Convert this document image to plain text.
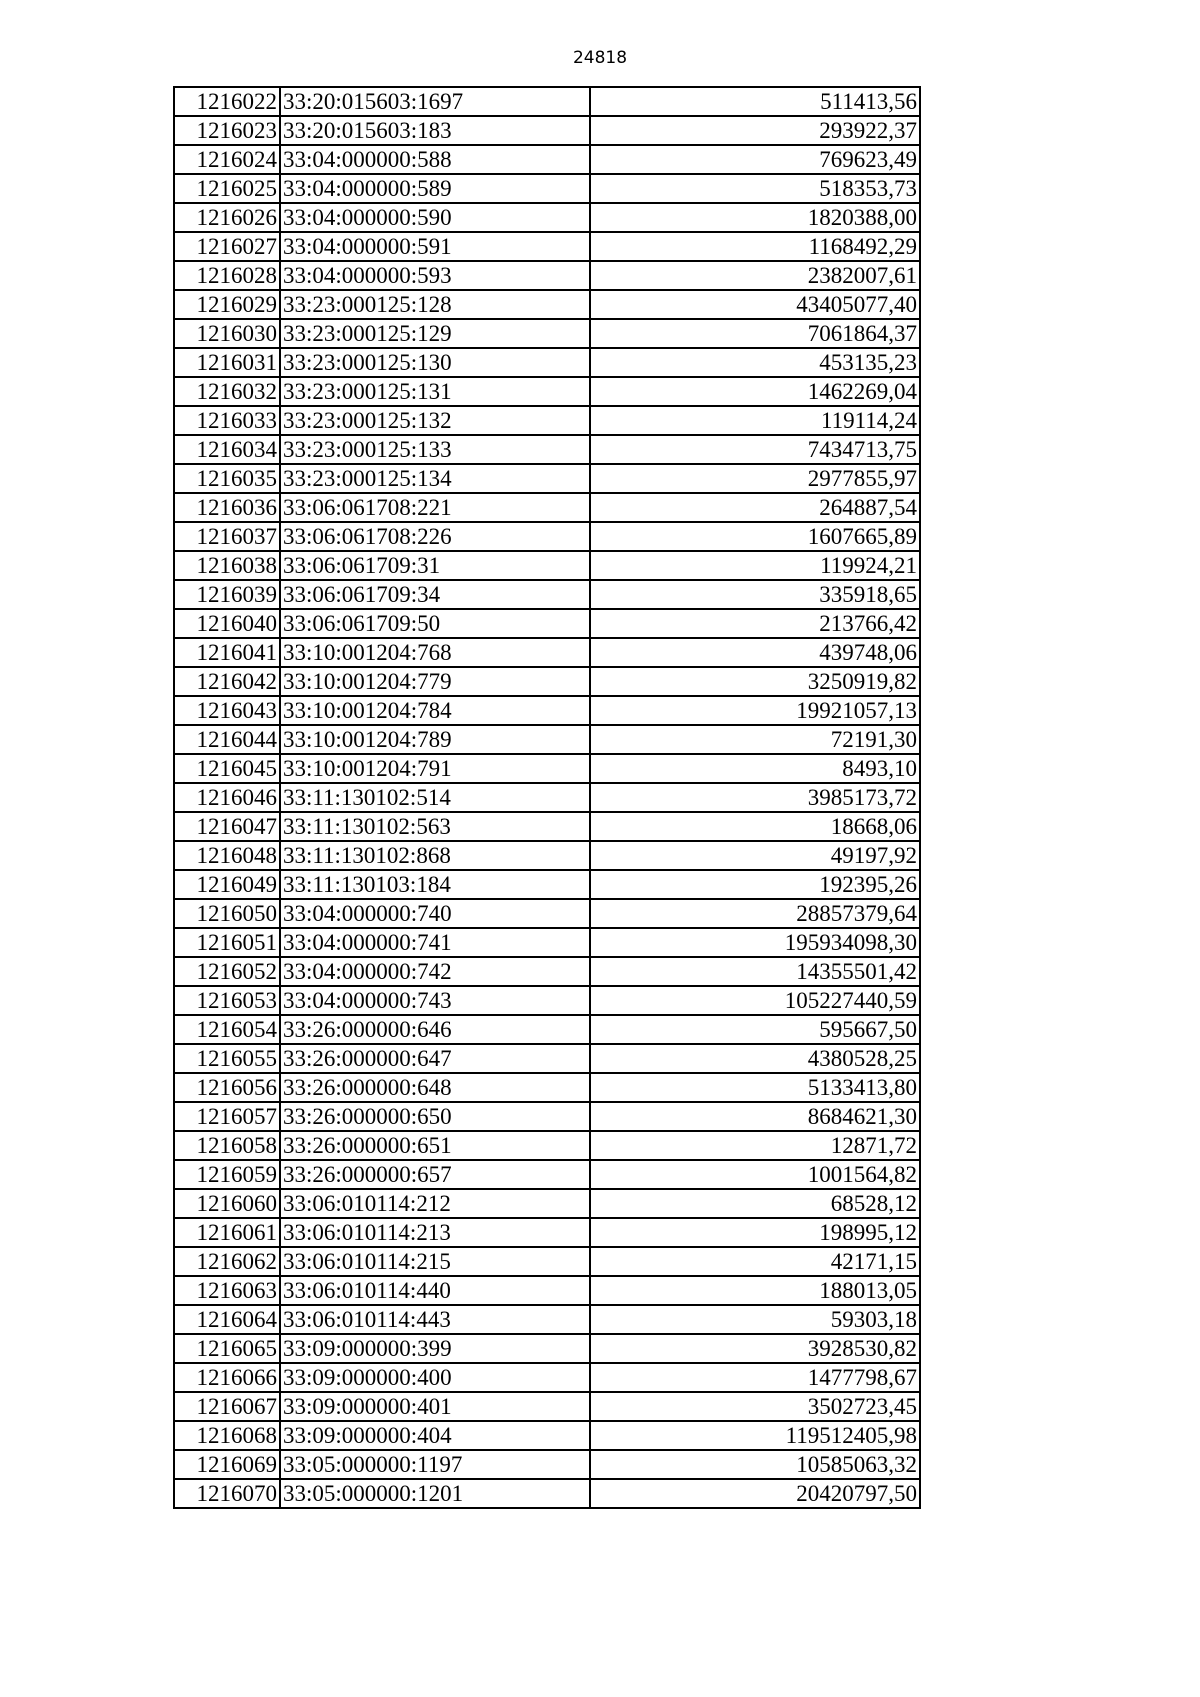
24818
1216022	33:20:015603:1697	511413,56
1216023	33:20:015603:183	293922,37
1216024	33:04:000000:588	769623,49
1216025	33:04:000000:589	518353,73
1216026	33:04:000000:590	1820388,00
1216027	33:04:000000:591	1168492,29
1216028	33:04:000000:593	2382007,61
1216029	33:23:000125:128	43405077,40
1216030	33:23:000125:129	7061864,37
1216031	33:23:000125:130	453135,23
1216032	33:23:000125:131	1462269,04
1216033	33:23:000125:132	119114,24
1216034	33:23:000125:133	7434713,75
1216035	33:23:000125:134	2977855,97
1216036	33:06:061708:221	264887,54
1216037	33:06:061708:226	1607665,89
1216038	33:06:061709:31	119924,21
1216039	33:06:061709:34	335918,65
1216040	33:06:061709:50	213766,42
1216041	33:10:001204:768	439748,06
1216042	33:10:001204:779	3250919,82
1216043	33:10:001204:784	19921057,13
1216044	33:10:001204:789	72191,30
1216045	33:10:001204:791	8493,10
1216046	33:11:130102:514	3985173,72
1216047	33:11:130102:563	18668,06
1216048	33:11:130102:868	49197,92
1216049	33:11:130103:184	192395,26
1216050	33:04:000000:740	28857379,64
1216051	33:04:000000:741	195934098,30
1216052	33:04:000000:742	14355501,42
1216053	33:04:000000:743	105227440,59
1216054	33:26:000000:646	595667,50
1216055	33:26:000000:647	4380528,25
1216056	33:26:000000:648	5133413,80
1216057	33:26:000000:650	8684621,30
1216058	33:26:000000:651	12871,72
1216059	33:26:000000:657	1001564,82
1216060	33:06:010114:212	68528,12
1216061	33:06:010114:213	198995,12
1216062	33:06:010114:215	42171,15
1216063	33:06:010114:440	188013,05
1216064	33:06:010114:443	59303,18
1216065	33:09:000000:399	3928530,82
1216066	33:09:000000:400	1477798,67
1216067	33:09:000000:401	3502723,45
1216068	33:09:000000:404	119512405,98
1216069	33:05:000000:1197	10585063,32
1216070	33:05:000000:1201	20420797,50
